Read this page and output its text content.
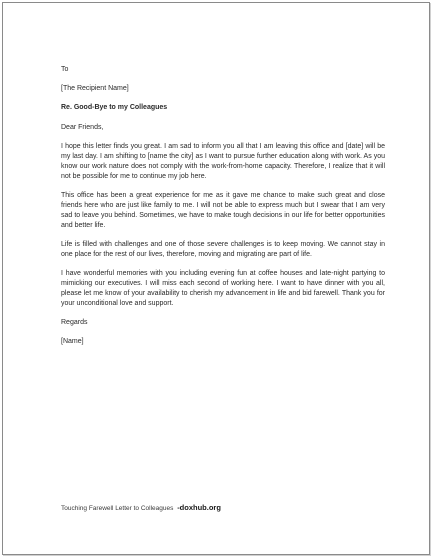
To
[The Recipient Name]
Re. Good-Bye to my Colleagues
Dear Friends,

I hope this letter finds you great. I am sad to inform you all that I am leaving this office and [date] will be my last day. I am shifting to [name the city] as I want to pursue further education along with work. As you know our work nature does not comply with the work-from-home capacity. Therefore, I realize that it will not be possible for me to continue my job here.

This office has been a great experience for me as it gave me chance to make such great and close friends here who are just like family to me. I will not be able to express much but I swear that I am very sad to leave you behind. Sometimes, we have to make tough decisions in our life for better opportunities and better life.

Life is filled with challenges and one of those severe challenges is to keep moving. We cannot stay in one place for the rest of our lives, therefore, moving and migrating are part of life.

I have wonderful memories with you including evening fun at coffee houses and late-night partying to mimicking our executives. I will miss each second of working here. I want to have dinner with you all, please let me know of your availability to cherish my advancement in life and bid farewell. Thank you for your unconditional love and support.

Regards
[Name]
Touching Farewell Letter to Colleagues -doxhub.org
